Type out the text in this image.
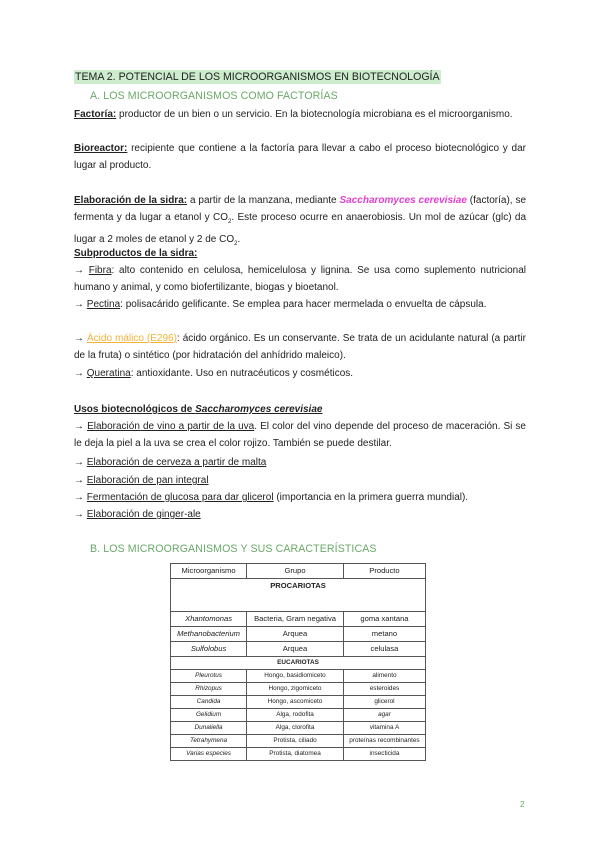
TEMA 2. POTENCIAL DE LOS MICROORGANISMOS EN BIOTECNOLOGÍA
A. LOS MICROORGANISMOS COMO FACTORÍAS
Factoría: productor de un bien o un servicio. En la biotecnología microbiana es el microorganismo.
Bioreactor: recipiente que contiene a la factoría para llevar a cabo el proceso biotecnológico y dar lugar al producto.
Elaboración de la sidra: a partir de la manzana, mediante Saccharomyces cerevisiae (factoría), se fermenta y da lugar a etanol y $CO_2$. Este proceso ocurre en anaerobiosis. Un mol de azúcar (glc) da lugar a 2 moles de etanol y 2 de $CO_2$.
Subproductos de la sidra:
→ Fibra: alto contenido en celulosa, hemicelulosa y lignina. Se usa como suplemento nutricional humano y animal, y como biofertilizante, biogas y bioetanol.
→ Pectina: polisacárido gelificante. Se emplea para hacer mermelada o envuelta de cápsula.
→ Ácido málico (E296): ácido orgánico. Es un conservante. Se trata de un acidulante natural (a partir de la fruta) o sintético (por hidratación del anhídrido maleico).
→ Queratina: antioxidante. Uso en nutracéuticos y cosméticos.
Usos biotecnológicos de Saccharomyces cerevisiae
→ Elaboración de vino a partir de la uva. El color del vino depende del proceso de maceración. Si se le deja la piel a la uva se crea el color rojizo. También se puede destilar.
→ Elaboración de cerveza a partir de malta
→ Elaboración de pan integral
→ Fermentación de glucosa para dar glicerol (importancia en la primera guerra mundial).
→ Elaboración de ginger-ale
B. LOS MICROORGANISMOS Y SUS CARACTERÍSTICAS
Microorganismo	Grupo	Producto
PROCARIOTAS		
Xhantomonas	Bacteria, Gram negativa	goma xantana
Methanobacterium	Arquea	metano
Sulfolobus	Arquea	celulasa
EUCARIOTAS		
Pleurotus	Hongo, basidiomiceto	alimento
Rhizopus	Hongo, zigomiceto	esteroides
Candida	Hongo, ascomiceto	glicerol
Gelidium	Alga, rodofita	agar
Dunaliella	Alga, clorofita	vitamina A
Tetrahymena	Protista, ciliado	proteínas recombinantes
Varias especies	Protista, diatomea	insecticida
2
